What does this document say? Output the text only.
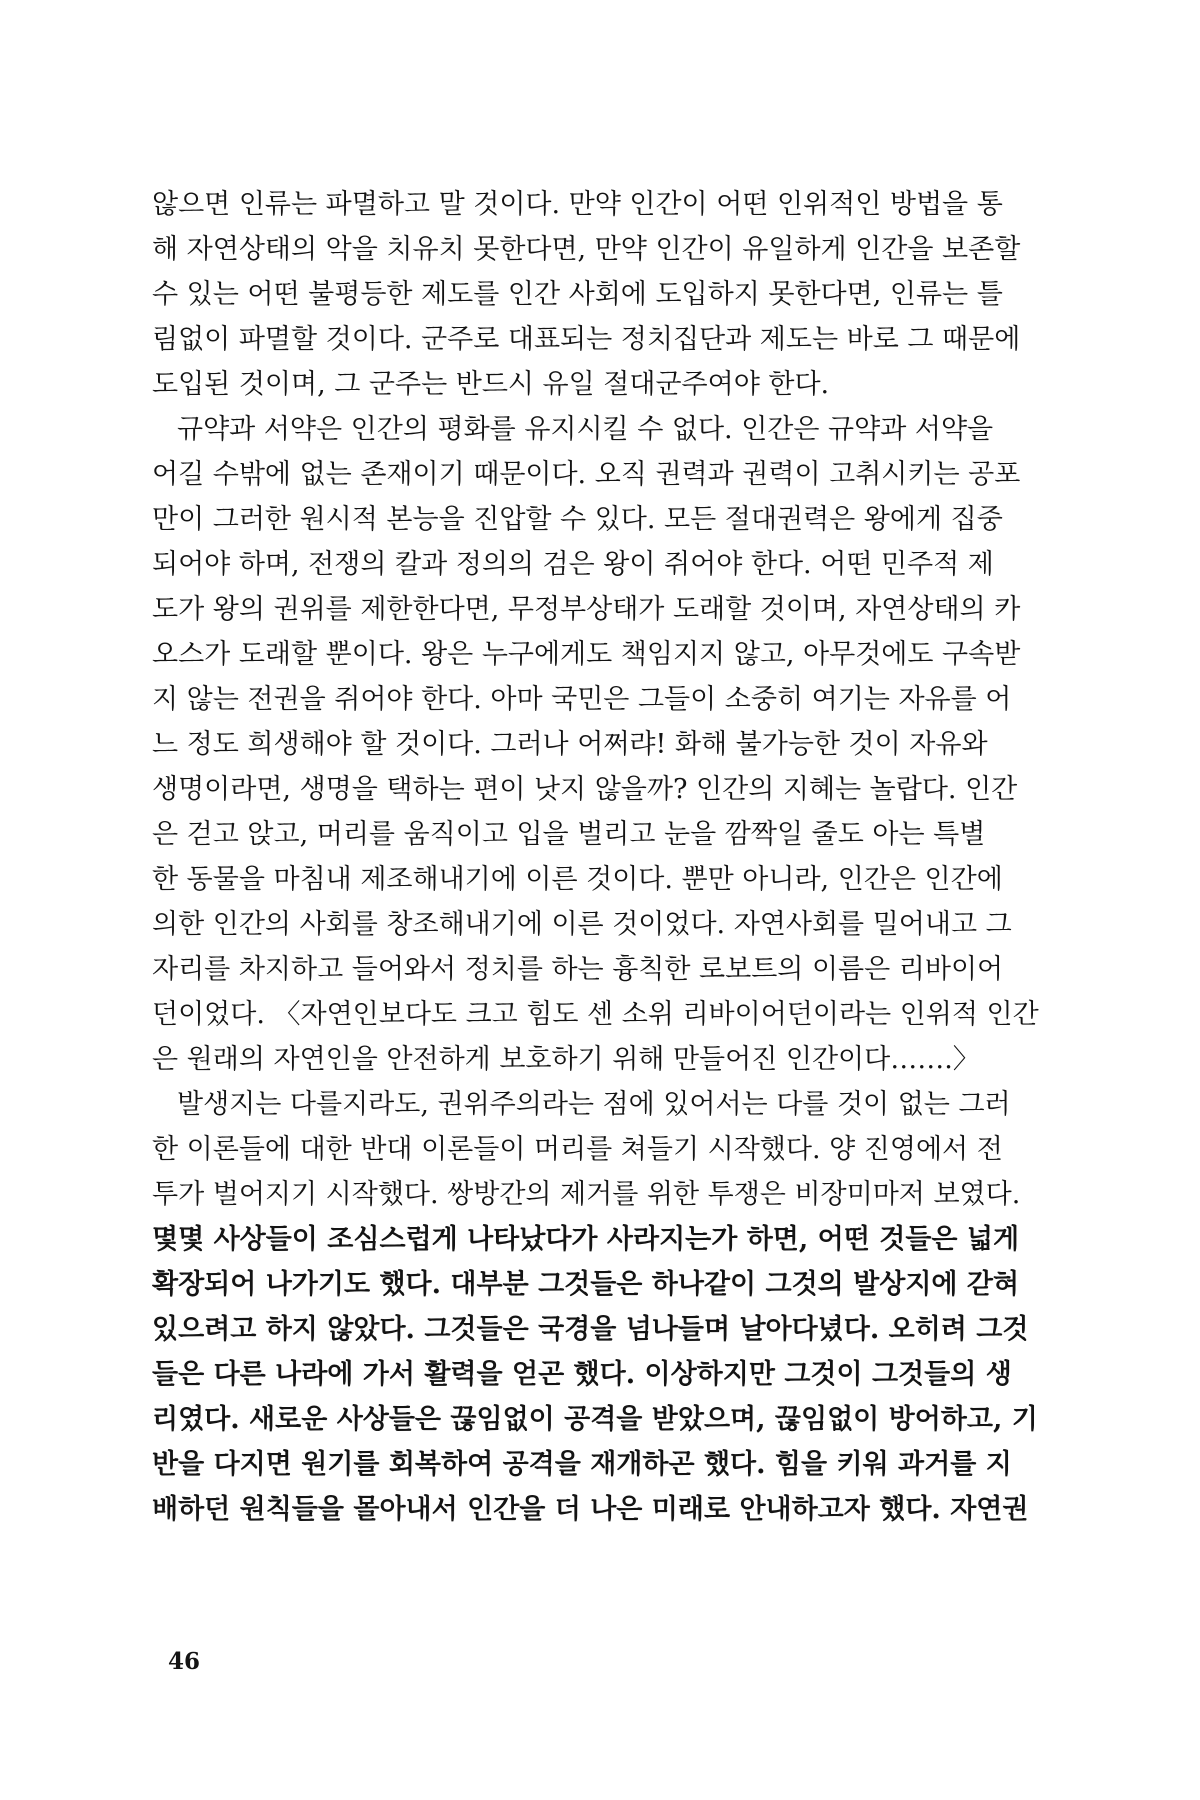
않으면 인류는 파멸하고 말 것이다. 만약 인간이 어떤 인위적인 방법을 통
해 자연상태의 악을 치유치 못한다면, 만약 인간이 유일하게 인간을 보존할
수 있는 어떤 불평등한 제도를 인간 사회에 도입하지 못한다면, 인류는 틀
림없이 파멸할 것이다. 군주로 대표되는 정치집단과 제도는 바로 그 때문에
도입된 것이며, 그 군주는 반드시 유일 절대군주여야 한다.
규약과 서약은 인간의 평화를 유지시킬 수 없다. 인간은 규약과 서약을
어길 수밖에 없는 존재이기 때문이다. 오직 권력과 권력이 고취시키는 공포
만이 그러한 원시적 본능을 진압할 수 있다. 모든 절대권력은 왕에게 집중
되어야 하며, 전쟁의 칼과 정의의 검은 왕이 쥐어야 한다. 어떤 민주적 제
도가 왕의 권위를 제한한다면, 무정부상태가 도래할 것이며, 자연상태의 카
오스가 도래할 뿐이다. 왕은 누구에게도 책임지지 않고, 아무것에도 구속받
지 않는 전권을 쥐어야 한다. 아마 국민은 그들이 소중히 여기는 자유를 어
느 정도 희생해야 할 것이다. 그러나 어쩌랴! 화해 불가능한 것이 자유와
생명이라면, 생명을 택하는 편이 낫지 않을까? 인간의 지혜는 놀랍다. 인간
은 걷고 앉고, 머리를 움직이고 입을 벌리고 눈을 깜짝일 줄도 아는 특별
한 동물을 마침내 제조해내기에 이른 것이다. 뿐만 아니라, 인간은 인간에
의한 인간의 사회를 창조해내기에 이른 것이었다. 자연사회를 밀어내고 그
자리를 차지하고 들어와서 정치를 하는 흉칙한 로보트의 이름은 리바이어
던이었다. 〈자연인보다도 크고 힘도 센 소위 리바이어던이라는 인위적 인간
은 원래의 자연인을 안전하게 보호하기 위해 만들어진 인간이다…….〉
발생지는 다를지라도, 권위주의라는 점에 있어서는 다를 것이 없는 그러
한 이론들에 대한 반대 이론들이 머리를 쳐들기 시작했다. 양 진영에서 전
투가 벌어지기 시작했다. 쌍방간의 제거를 위한 투쟁은 비장미마저 보였다.
몇몇 사상들이 조심스럽게 나타났다가 사라지는가 하면, 어떤 것들은 넓게
확장되어 나가기도 했다. 대부분 그것들은 하나같이 그것의 발상지에 갇혀
있으려고 하지 않았다. 그것들은 국경을 넘나들며 날아다녔다. 오히려 그것
들은 다른 나라에 가서 활력을 얻곤 했다. 이상하지만 그것이 그것들의 생
리였다. 새로운 사상들은 끊임없이 공격을 받았으며, 끊임없이 방어하고, 기
반을 다지면 원기를 회복하여 공격을 재개하곤 했다. 힘을 키워 과거를 지
배하던 원칙들을 몰아내서 인간을 더 나은 미래로 안내하고자 했다. 자연권
46
